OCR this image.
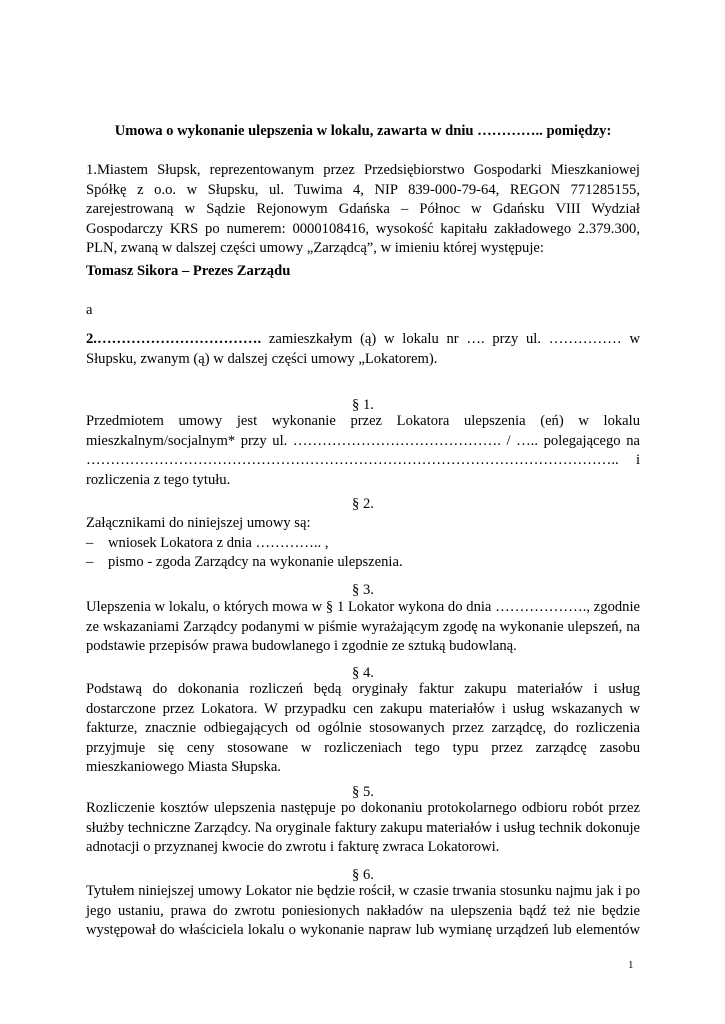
Umowa o wykonanie ulepszenia w lokalu, zawarta w dniu ………….. pomiędzy:

1.Miastem Słupsk, reprezentowanym przez Przedsiębiorstwo Gospodarki Mieszkaniowej Spółkę z o.o. w Słupsku, ul. Tuwima 4, NIP 839-000-79-64, REGON 771285155, zarejestrowaną w Sądzie Rejonowym Gdańska – Północ w Gdańsku VIII Wydział Gospodarczy KRS po numerem: 0000108416, wysokość kapitału zakładowego 2.379.300, PLN, zwaną w dalszej części umowy „Zarządcą”, w imieniu której występuje:

Tomasz Sikora – Prezes Zarządu

a

2.……………………………. zamieszkałym (ą) w lokalu nr …. przy ul. …………… w Słupsku, zwanym (ą) w dalszej części umowy „Lokatorem).

§ 1.

Przedmiotem umowy jest wykonanie przez Lokatora ulepszenia (eń) w lokalu mieszkalnym/socjalnym* przy ul. ……………………………………. / ….. polegającego na ……………………………………………………………………………………………….. i rozliczenia z tego tytułu.

§ 2.

Załącznikami do niniejszej umowy są:
– wniosek Lokatora z dnia ………….. ,
– pismo - zgoda Zarządcy na wykonanie ulepszenia.

§ 3.

Ulepszenia w lokalu, o których mowa w § 1 Lokator wykona do dnia ………………., zgodnie ze wskazaniami Zarządcy podanymi w piśmie wyrażającym zgodę na wykonanie ulepszeń, na podstawie przepisów prawa budowlanego i zgodnie ze sztuką budowlaną.

§ 4.

Podstawą do dokonania rozliczeń będą oryginały faktur zakupu materiałów i usług dostarczone przez Lokatora. W przypadku cen zakupu materiałów i usług wskazanych w fakturze, znacznie odbiegających od ogólnie stosowanych przez zarządcę, do rozliczenia przyjmuje się ceny stosowane w rozliczeniach tego typu przez zarządcę zasobu mieszkaniowego Miasta Słupska.

§ 5.

Rozliczenie kosztów ulepszenia następuje po dokonaniu protokolarnego odbioru robót przez służby techniczne Zarządcy. Na oryginale faktury zakupu materiałów i usług technik dokonuje adnotacji o przyznanej kwocie do zwrotu i fakturę zwraca Lokatorowi.

§ 6.

Tytułem niniejszej umowy Lokator nie będzie rościł, w czasie trwania stosunku najmu jak i po jego ustaniu, prawa do zwrotu poniesionych nakładów na ulepszenia bądź też nie będzie występował do właściciela lokalu o wykonanie napraw lub wymianę urządzeń lub elementów

1
